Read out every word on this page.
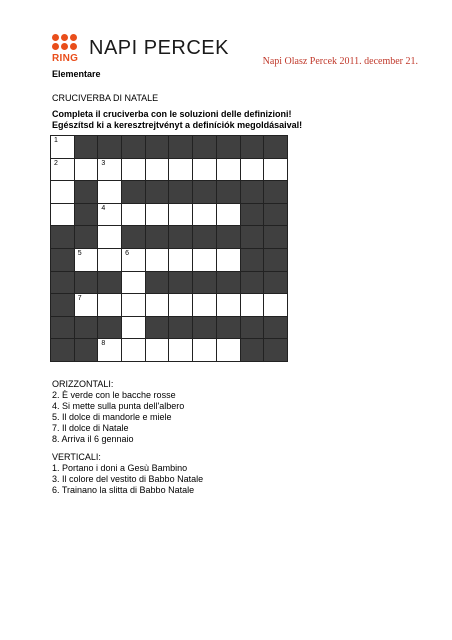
RING NAPI PERCEK
Napi Olasz Percek 2011. december 21.
Elementare
CRUCIVERBA DI NATALE
Completa il cruciverba con le soluzioni delle definizioni!
Egészítsd ki a keresztrejtvényt a definíciók megoldásaival!
1									

2		3							

		4							

	5		6						

	7								

		8							

ORIZZONTALI:
2. È verde con le bacche rosse
4. Si mette sulla punta dell'albero
5. Il dolce di mandorle e miele
7. Il dolce di Natale
8. Arriva il 6 gennaio
VERTICALI:
1. Portano i doni a Gesù Bambino
3. Il colore del vestito di Babbo Natale
6. Trainano la slitta di Babbo Natale
